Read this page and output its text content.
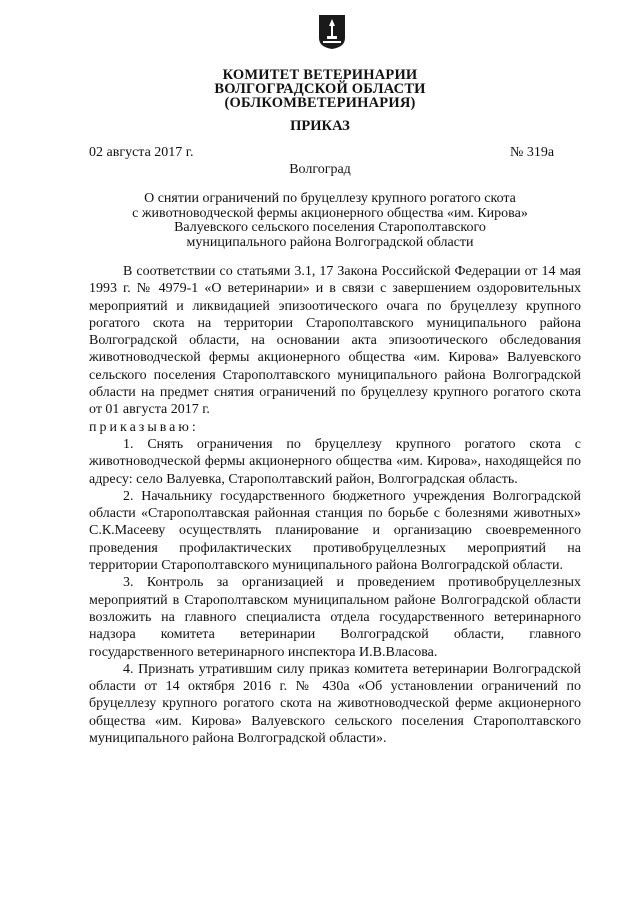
КОМИТЕТ ВЕТЕРИНАРИИ
ВОЛГОГРАДСКОЙ ОБЛАСТИ
(ОБЛКОМВЕТЕРИНАРИЯ)
ПРИКАЗ
02 августа 2017 г.	№ 319а
Волгоград
О снятии ограничений по бруцеллезу крупного рогатого скота
с животноводческой фермы акционерного общества «им. Кирова»
Валуевского сельского поселения Старополтавского
муниципального района Волгоградской области

В соответствии со статьями 3.1, 17 Закона Российской Федерации от 14 мая 1993 г. № 4979-1 «О ветеринарии» и в связи с завершением оздоровительных мероприятий и ликвидацией эпизоотического очага по бруцеллезу крупного рогатого скота на территории Старополтавского муниципального района Волгоградской области, на основании акта эпизоотического обследования животноводческой фермы акционерного общества «им. Кирова» Валуевского сельского поселения Старополтавского муниципального района Волгоградской области на предмет снятия ограничений по бруцеллезу крупного рогатого скота от 01 августа 2017 г.

приказываю:

1. Снять ограничения по бруцеллезу крупного рогатого скота с животноводческой фермы акционерного общества «им. Кирова», находящейся по адресу: село Валуевка, Старополтавский район, Волгоградская область.

2. Начальнику государственного бюджетного учреждения Волгоградской области «Старополтавская районная станция по борьбе с болезнями животных» С.К.Масееву осуществлять планирование и организацию своевременного проведения профилактических противобруцеллезных мероприятий на территории Старополтавского муниципального района Волгоградской области.

3. Контроль за организацией и проведением противобруцеллезных мероприятий в Старополтавском муниципальном районе Волгоградской области возложить на главного специалиста отдела государственного ветеринарного надзора комитета ветеринарии Волгоградской области, главного государственного ветеринарного инспектора И.В.Власова.

4. Признать утратившим силу приказ комитета ветеринарии Волгоградской области от 14 октября 2016 г. № 430а «Об установлении ограничений по бруцеллезу крупного рогатого скота на животноводческой ферме акционерного общества «им. Кирова» Валуевского сельского поселения Старополтавского муниципального района Волгоградской области».
